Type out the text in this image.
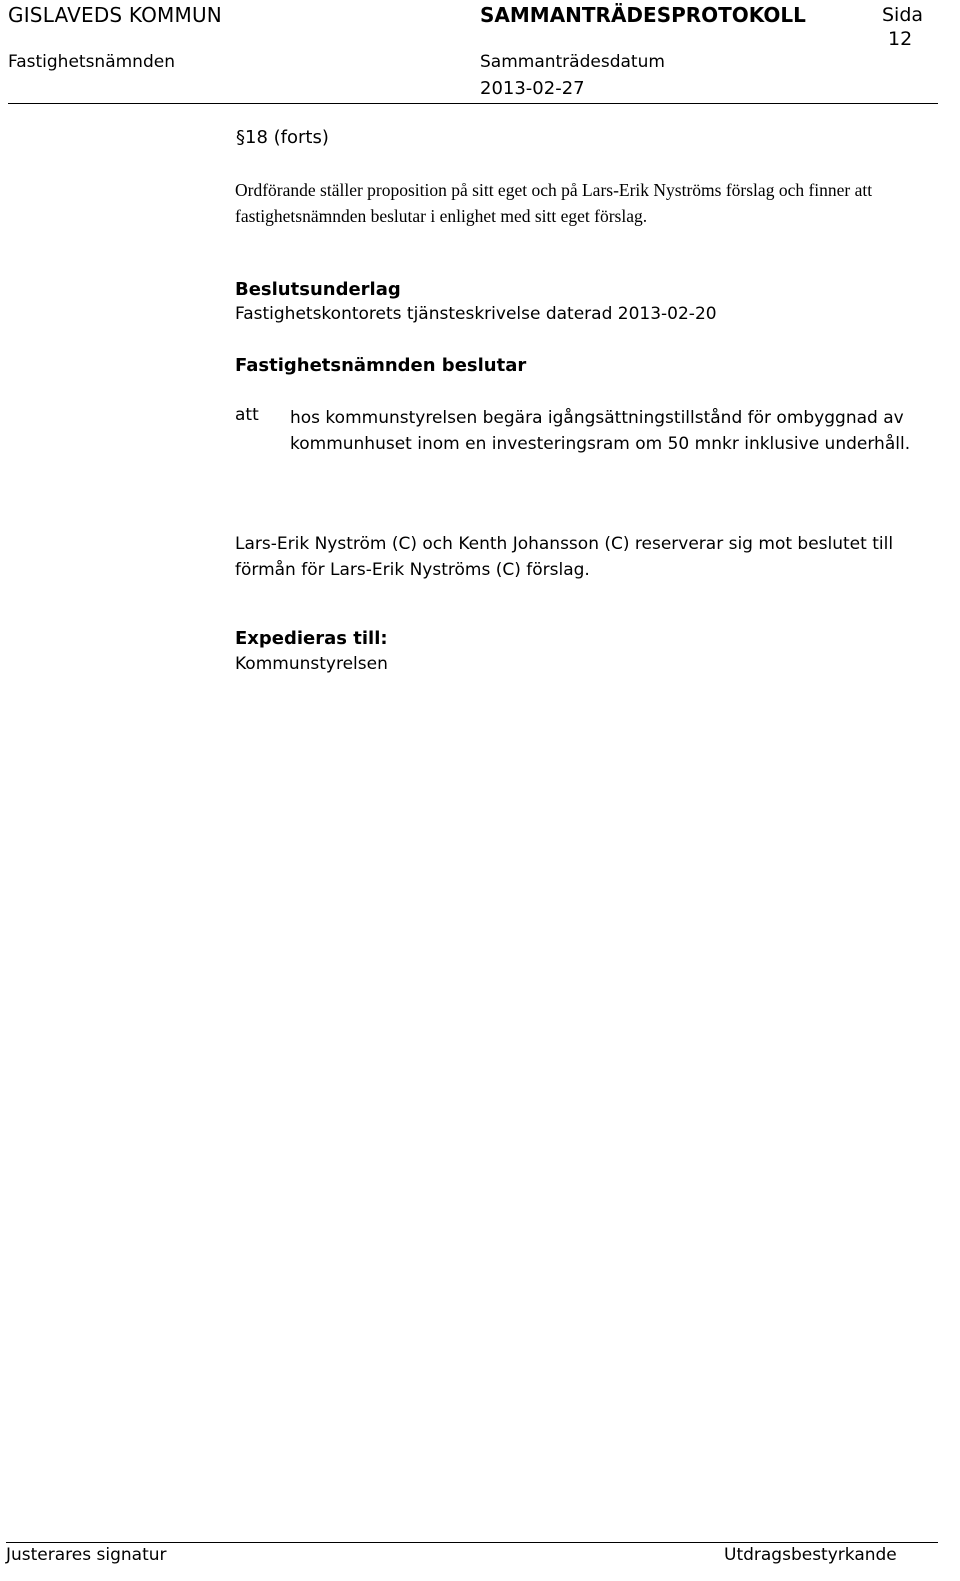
GISLAVEDS KOMMUN	SAMMANTRÄDESPROTOKOLL	Sida
12
Fastighetsnämnden	Sammanträdesdatum
2013-02-27
§18 (forts)
Ordförande ställer proposition på sitt eget och på Lars-Erik Nyströms förslag och finner att fastighetsnämnden beslutar i enlighet med sitt eget förslag.
Beslutsunderlag
Fastighetskontorets tjänsteskrivelse daterad 2013-02-20
Fastighetsnämnden beslutar
att hos kommunstyrelsen begära igångsättningstillstånd för ombyggnad av kommunhuset inom en investeringsram om 50 mnkr inklusive underhåll.
Lars-Erik Nyström (C) och Kenth Johansson (C) reserverar sig mot beslutet till förmån för Lars-Erik Nyströms (C) förslag.
Expedieras till:
Kommunstyrelsen
Justerares signatur	Utdragsbestyrkande
